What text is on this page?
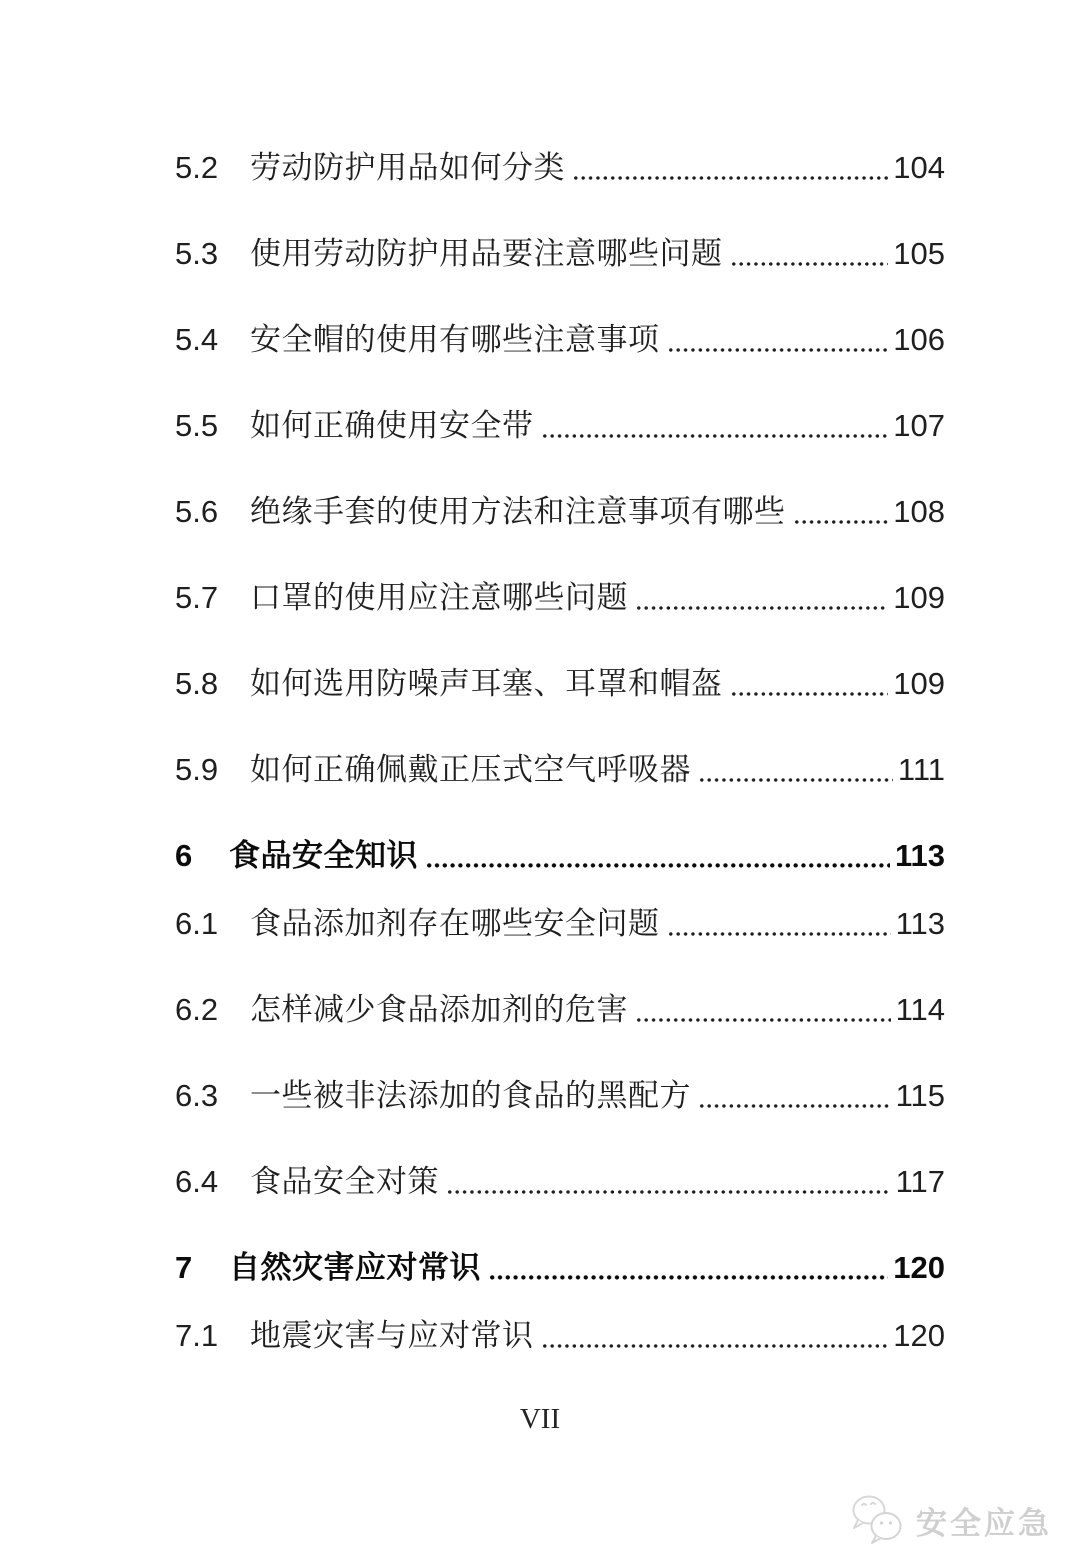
5.2	劳动防护用品如何分类	104
5.3	使用劳动防护用品要注意哪些问题	105
5.4	安全帽的使用有哪些注意事项	106
5.5	如何正确使用安全带	107
5.6	绝缘手套的使用方法和注意事项有哪些	108
5.7	口罩的使用应注意哪些问题	109
5.8	如何选用防噪声耳塞、耳罩和帽盔	109
5.9	如何正确佩戴正压式空气呼吸器	111
6	食品安全知识	113
6.1	食品添加剂存在哪些安全问题	113
6.2	怎样减少食品添加剂的危害	114
6.3	一些被非法添加的食品的黑配方	115
6.4	食品安全对策	117
7	自然灾害应对常识	120
7.1	地震灾害与应对常识	120
VII
安全应急
